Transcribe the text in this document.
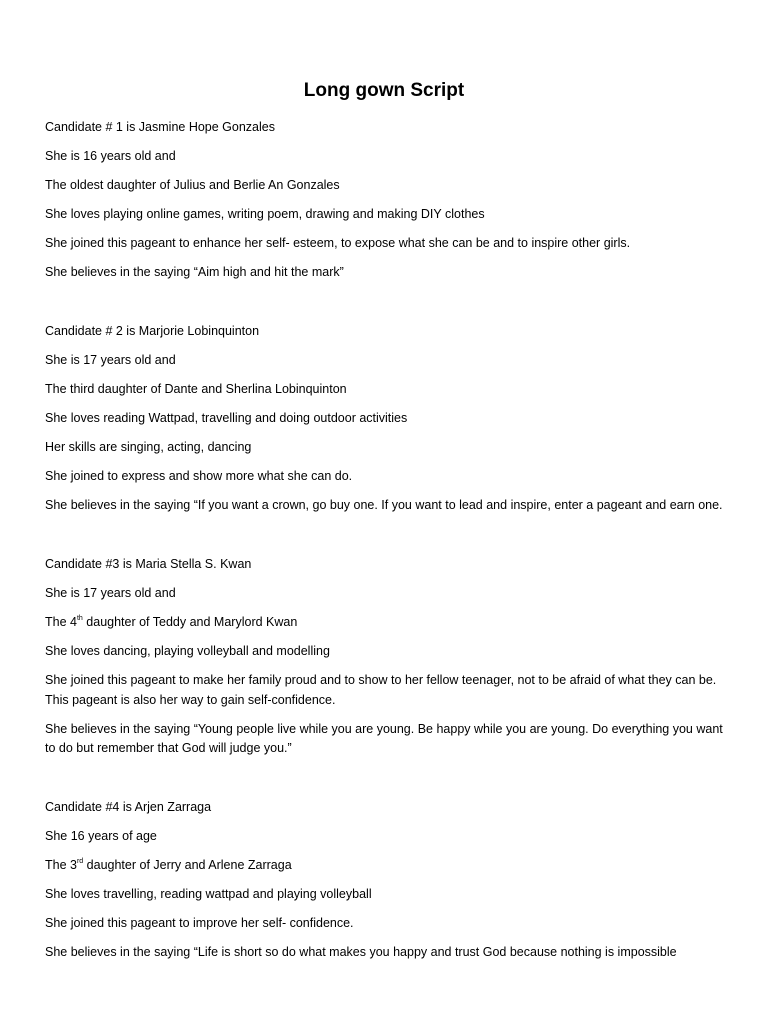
Long gown Script
Candidate # 1 is Jasmine Hope Gonzales
She is 16 years old and
The oldest daughter of Julius and Berlie An Gonzales
She loves playing online games, writing poem, drawing and making DIY clothes
She joined this pageant to enhance her self- esteem, to expose what she can be and to inspire other girls.
She believes in the saying “Aim high and hit the mark”
Candidate # 2 is Marjorie Lobinquinton
She is 17 years old and
The third daughter of Dante and Sherlina Lobinquinton
She loves reading Wattpad, travelling and doing outdoor activities
Her skills are singing, acting, dancing
She joined to express and show more what she can do.
She believes in the saying “If you want a crown, go buy one. If you want to lead and inspire, enter a pageant and earn one.
Candidate #3 is Maria Stella S. Kwan
She is 17 years old and
The 4th daughter of Teddy and Marylord Kwan
She loves dancing, playing volleyball and modelling
She joined this pageant to make her family proud and to show to her fellow teenager, not to be afraid of what they can be. This pageant is also her way to gain self-confidence.
She believes in the saying “Young people live while you are young. Be happy while you are young. Do everything you want to do but remember that God will judge you.”
Candidate #4 is Arjen Zarraga
She 16 years of age
The 3rd daughter of Jerry and Arlene Zarraga
She loves travelling, reading wattpad and playing volleyball
She joined this pageant to improve her self- confidence.
She believes in the saying “Life is short so do what makes you happy and trust God because nothing is impossible
